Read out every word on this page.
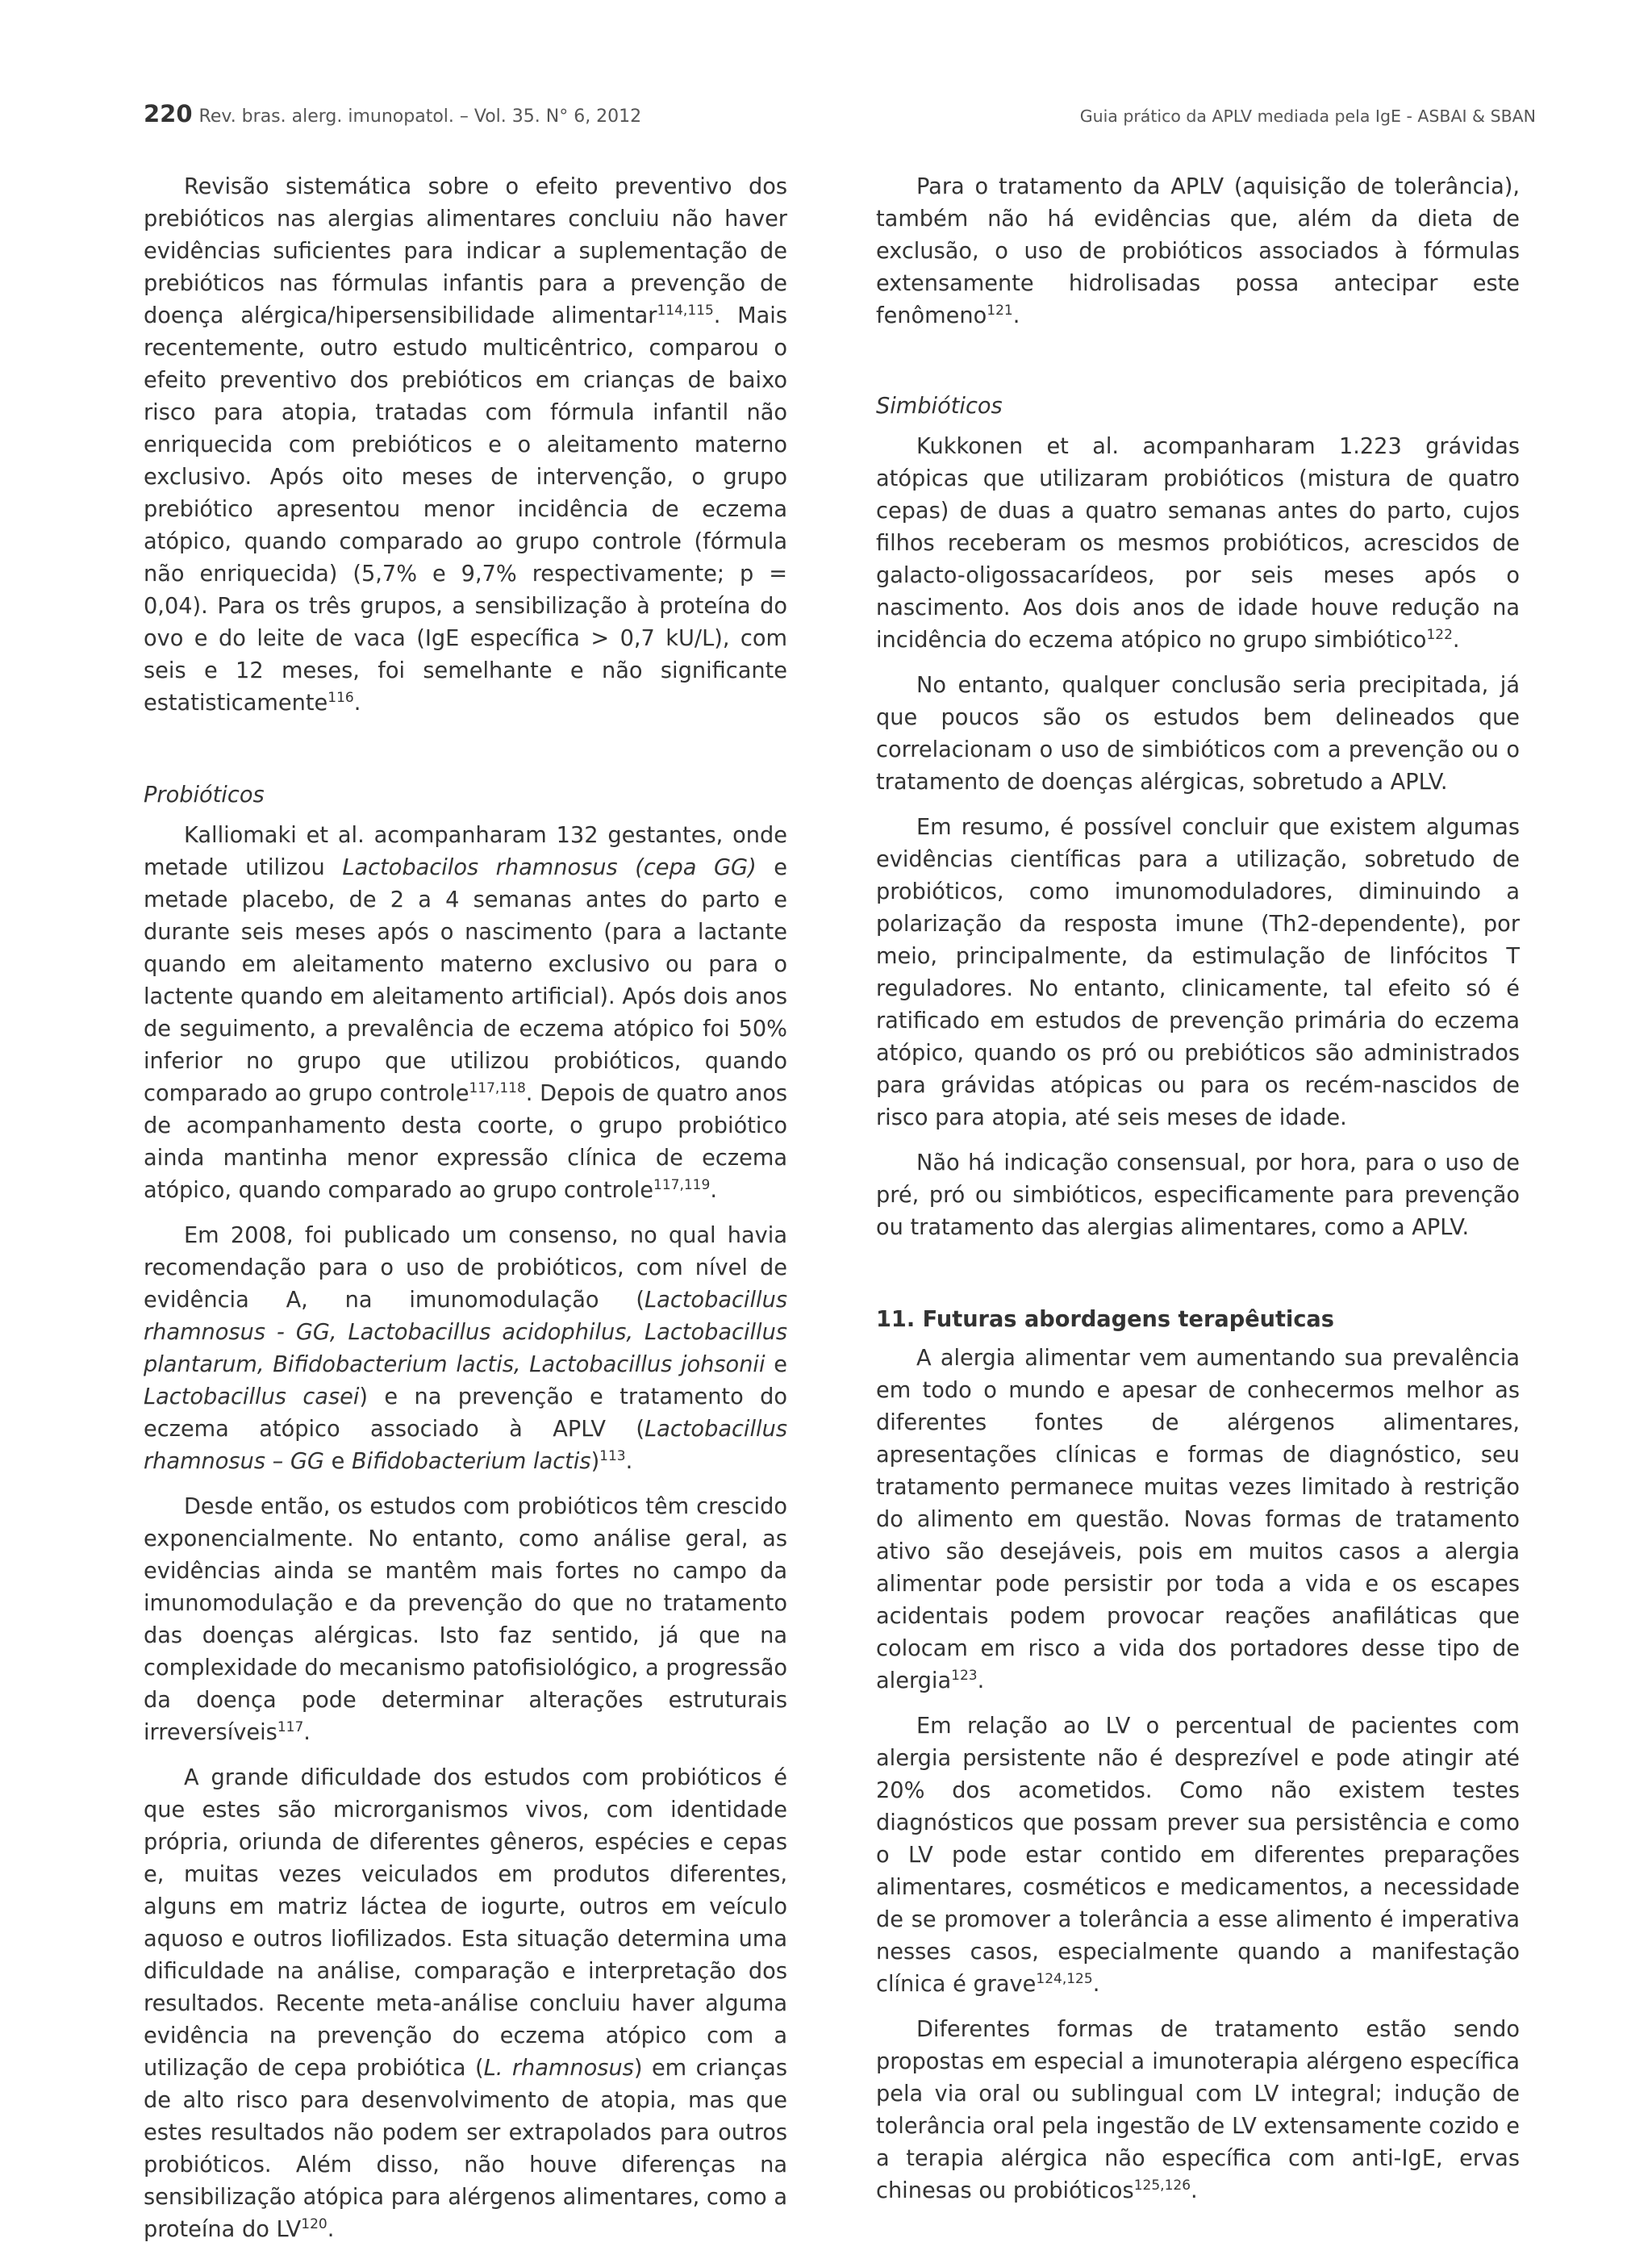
220 Rev. bras. alerg. imunopatol. – Vol. 35. N° 6, 2012	Guia prático da APLV mediada pela IgE - ASBAI & SBAN

Revisão sistemática sobre o efeito preventivo dos prebióticos nas alergias alimentares concluiu não haver evidências suficientes para indicar a suplementação de prebióticos nas fórmulas infantis para a prevenção de doença alérgica/hipersensibilidade alimentar$^{114,115}$. Mais recentemente, outro estudo multicêntrico, comparou o efeito preventivo dos prebióticos em crianças de baixo risco para atopia, tratadas com fórmula infantil não enriquecida com prebióticos e o aleitamento materno exclusivo. Após oito meses de intervenção, o grupo prebiótico apresentou menor incidência de eczema atópico, quando comparado ao grupo controle (fórmula não enriquecida) (5,7% e 9,7% respectivamente; p = 0,04). Para os três grupos, a sensibilização à proteína do ovo e do leite de vaca (IgE específica > 0,7 kU/L), com seis e 12 meses, foi semelhante e não significante estatisticamente$^{116}$.

Probióticos

Kalliomaki et al. acompanharam 132 gestantes, onde metade utilizou Lactobacilos rhamnosus (cepa GG) e metade placebo, de 2 a 4 semanas antes do parto e durante seis meses após o nascimento (para a lactante quando em aleitamento materno exclusivo ou para o lactente quando em aleitamento artificial). Após dois anos de seguimento, a prevalência de eczema atópico foi 50% inferior no grupo que utilizou probióticos, quando comparado ao grupo controle$^{117,118}$. Depois de quatro anos de acompanhamento desta coorte, o grupo probiótico ainda mantinha menor expressão clínica de eczema atópico, quando comparado ao grupo controle$^{117,119}$.

Em 2008, foi publicado um consenso, no qual havia recomendação para o uso de probióticos, com nível de evidência A, na imunomodulação (Lactobacillus rhamnosus - GG, Lactobacillus acidophilus, Lactobacillus plantarum, Bifidobacterium lactis, Lactobacillus johsonii e Lactobacillus casei) e na prevenção e tratamento do eczema atópico associado à APLV (Lactobacillus rhamnosus – GG e Bifidobacterium lactis)$^{113}$.

Desde então, os estudos com probióticos têm crescido exponencialmente. No entanto, como análise geral, as evidências ainda se mantêm mais fortes no campo da imunomodulação e da prevenção do que no tratamento das doenças alérgicas. Isto faz sentido, já que na complexidade do mecanismo patofisiológico, a progressão da doença pode determinar alterações estruturais irreversíveis$^{117}$.

A grande dificuldade dos estudos com probióticos é que estes são microrganismos vivos, com identidade própria, oriunda de diferentes gêneros, espécies e cepas e, muitas vezes veiculados em produtos diferentes, alguns em matriz láctea de iogurte, outros em veículo aquoso e outros liofilizados. Esta situação determina uma dificuldade na análise, comparação e interpretação dos resultados. Recente meta-análise concluiu haver alguma evidência na prevenção do eczema atópico com a utilização de cepa probiótica (L. rhamnosus) em crianças de alto risco para desenvolvimento de atopia, mas que estes resultados não podem ser extrapolados para outros probióticos. Além disso, não houve diferenças na sensibilização atópica para alérgenos alimentares, como a proteína do LV$^{120}$.

Para o tratamento da APLV (aquisição de tolerância), também não há evidências que, além da dieta de exclusão, o uso de probióticos associados à fórmulas extensamente hidrolisadas possa antecipar este fenômeno$^{121}$.

Simbióticos

Kukkonen et al. acompanharam 1.223 grávidas atópicas que utilizaram probióticos (mistura de quatro cepas) de duas a quatro semanas antes do parto, cujos filhos receberam os mesmos probióticos, acrescidos de galacto-oligossacarídeos, por seis meses após o nascimento. Aos dois anos de idade houve redução na incidência do eczema atópico no grupo simbiótico$^{122}$.

No entanto, qualquer conclusão seria precipitada, já que poucos são os estudos bem delineados que correlacionam o uso de simbióticos com a prevenção ou o tratamento de doenças alérgicas, sobretudo a APLV.

Em resumo, é possível concluir que existem algumas evidências científicas para a utilização, sobretudo de probióticos, como imunomoduladores, diminuindo a polarização da resposta imune (Th2-dependente), por meio, principalmente, da estimulação de linfócitos T reguladores. No entanto, clinicamente, tal efeito só é ratificado em estudos de prevenção primária do eczema atópico, quando os pró ou prebióticos são administrados para grávidas atópicas ou para os recém-nascidos de risco para atopia, até seis meses de idade.

Não há indicação consensual, por hora, para o uso de pré, pró ou simbióticos, especificamente para prevenção ou tratamento das alergias alimentares, como a APLV.

11. Futuras abordagens terapêuticas

A alergia alimentar vem aumentando sua prevalência em todo o mundo e apesar de conhecermos melhor as diferentes fontes de alérgenos alimentares, apresentações clínicas e formas de diagnóstico, seu tratamento permanece muitas vezes limitado à restrição do alimento em questão. Novas formas de tratamento ativo são desejáveis, pois em muitos casos a alergia alimentar pode persistir por toda a vida e os escapes acidentais podem provocar reações anafiláticas que colocam em risco a vida dos portadores desse tipo de alergia$^{123}$.

Em relação ao LV o percentual de pacientes com alergia persistente não é desprezível e pode atingir até 20% dos acometidos. Como não existem testes diagnósticos que possam prever sua persistência e como o LV pode estar contido em diferentes preparações alimentares, cosméticos e medicamentos, a necessidade de se promover a tolerância a esse alimento é imperativa nesses casos, especialmente quando a manifestação clínica é grave$^{124,125}$.

Diferentes formas de tratamento estão sendo propostas em especial a imunoterapia alérgeno específica pela via oral ou sublingual com LV integral; indução de tolerância oral pela ingestão de LV extensamente cozido e a terapia alérgica não específica com anti-IgE, ervas chinesas ou probióticos$^{125,126}$.
